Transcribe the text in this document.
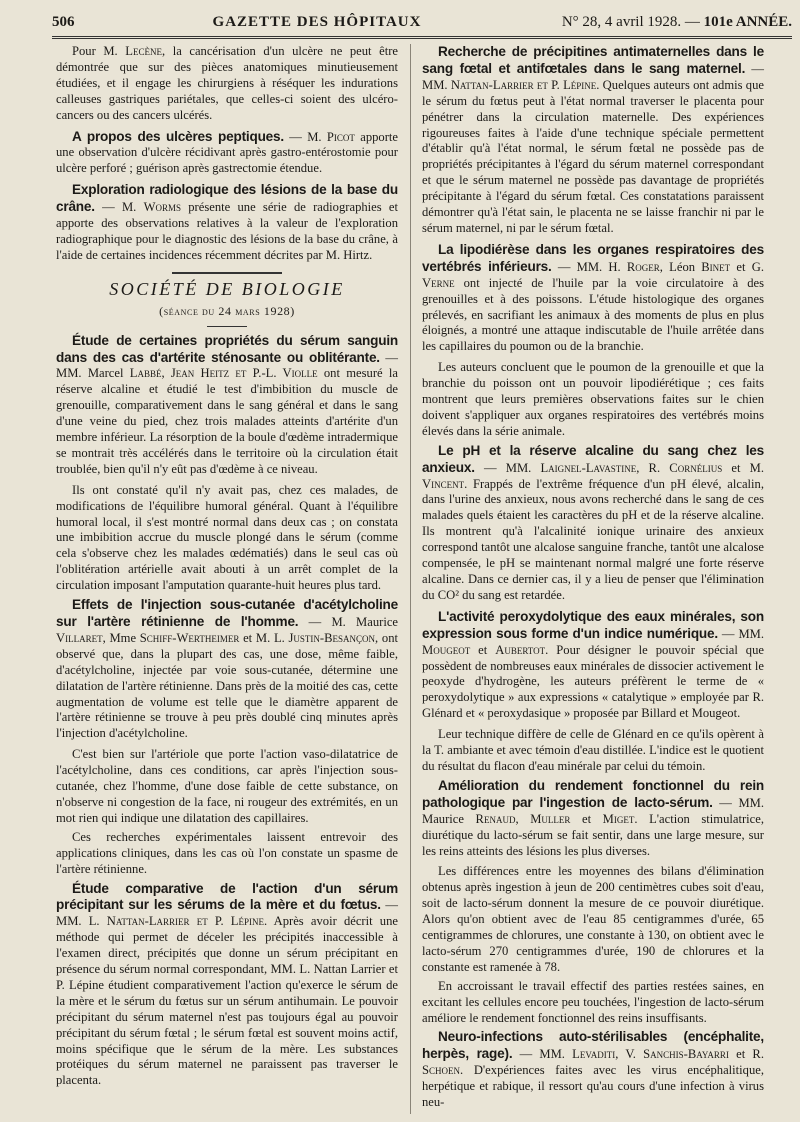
506	GAZETTE DES HÔPITAUX	N° 28, 4 avril 1928. — 101e ANNÉE.

Pour M. Lecène, la cancérisation d'un ulcère ne peut être démontrée que sur des pièces anatomiques minutieusement étudiées, et il engage les chirurgiens à réséquer les indurations calleuses gastriques pariétales, que celles-ci soient des ulcéro-cancers ou des cancers ulcérés.

A propos des ulcères peptiques. — M. Picot apporte une observation d'ulcère récidivant après gastro-entérostomie pour ulcère perforé ; guérison après gastrectomie étendue.

Exploration radiologique des lésions de la base du crâne. — M. Worms présente une série de radiographies et apporte des observations relatives à la valeur de l'exploration radiographique pour le diagnostic des lésions de la base du crâne, à l'aide de certaines incidences récemment décrites par M. Hirtz.

SOCIÉTÉ DE BIOLOGIE
(séance du 24 mars 1928)

Étude de certaines propriétés du sérum sanguin dans des cas d'artérite sténosante ou oblitérante. — MM. Marcel Labbé, Jean Heitz et P.-L. Violle ont mesuré la réserve alcaline et étudié le test d'imbibition du muscle de grenouille, comparativement dans le sang général et dans le sang d'une veine du pied, chez trois malades atteints d'artérite d'un membre inférieur. La résorption de la boule d'œdème intradermique se montrait très accélérés dans le territoire où la circulation était troublée, bien qu'il n'y eût pas d'œdème à ce niveau.

Ils ont constaté qu'il n'y avait pas, chez ces malades, de modifications de l'équilibre humoral général. Quant à l'équilibre humoral local, il s'est montré normal dans deux cas ; on constata une imbibition accrue du muscle plongé dans le sérum (comme cela s'observe chez les malades œdématiés) dans le seul cas où l'oblitération artérielle avait abouti à un arrêt complet de la circulation imposant l'amputation quarante-huit heures plus tard.

Effets de l'injection sous-cutanée d'acétylcholine sur l'artère rétinienne de l'homme. — M. Maurice Villaret, Mme Schiff-Wertheimer et M. L. Justin-Besançon, ont observé que, dans la plupart des cas, une dose, même faible, d'acétylcholine, injectée par voie sous-cutanée, détermine une dilatation de l'artère rétinienne. Dans près de la moitié des cas, cette augmentation de volume est telle que le diamètre apparent de l'artère rétinienne se trouve à peu près doublé cinq minutes après l'injection d'acétylcholine.

C'est bien sur l'artériole que porte l'action vaso-dilatatrice de l'acétylcholine, dans ces conditions, car après l'injection sous-cutanée, chez l'homme, d'une dose faible de cette substance, on n'observe ni congestion de la face, ni rougeur des extrémités, en un mot rien qui indique une dilatation des capillaires.

Ces recherches expérimentales laissent entrevoir des applications cliniques, dans les cas où l'on constate un spasme de l'artère rétinienne.

Étude comparative de l'action d'un sérum précipitant sur les sérums de la mère et du fœtus. — MM. L. Nattan-Larrier et P. Lépine. Après avoir décrit une méthode qui permet de déceler les précipités inaccessible à l'examen direct, précipités que donne un sérum précipitant en présence du sérum normal correspondant, MM. L. Nattan Larrier et P. Lépine étudient comparativement l'action qu'exerce le sérum de la mère et le sérum du fœtus sur un sérum antihumain. Le pouvoir précipitant du sérum maternel n'est pas toujours égal au pouvoir précipitant du sérum fœtal ; le sérum fœtal est souvent moins actif, moins spécifique que le sérum de la mère. Les substances protéiques du sérum maternel ne paraissent pas traverser le placenta.

Recherche de précipitines antimaternelles dans le sang fœtal et antifœtales dans le sang maternel. — MM. Nattan-Larrier et P. Lépine. Quelques auteurs ont admis que le sérum du fœtus peut à l'état normal traverser le placenta pour pénétrer dans la circulation maternelle. Des expériences rigoureuses faites à l'aide d'une technique spéciale permettent d'établir qu'à l'état normal, le sérum fœtal ne possède pas de propriétés précipitantes à l'égard du sérum maternel correspondant et que le sérum maternel ne possède pas davantage de propriétés précipitante à l'égard du sérum fœtal. Ces constatations paraissent démontrer qu'à l'état sain, le placenta ne se laisse franchir ni par le sérum maternel, ni par le sérum fœtal.

La lipodiérèse dans les organes respiratoires des vertébrés inférieurs. — MM. H. Roger, Léon Binet et G. Verne ont injecté de l'huile par la voie circulatoire à des grenouilles et à des poissons. L'étude histologique des organes prélevés, en sacrifiant les animaux à des moments de plus en plus éloignés, a montré une attaque indiscutable de l'huile arrêtée dans les capillaires du poumon ou de la branchie.

Les auteurs concluent que le poumon de la grenouille et que la branchie du poisson ont un pouvoir lipodiérétique ; ces faits montrent que leurs premières observations faites sur le chien doivent s'appliquer aux organes respiratoires des vertébrés moins élevés dans la série animale.

Le pH et la réserve alcaline du sang chez les anxieux. — MM. Laignel-Lavastine, R. Cornélius et M. Vincent. Frappés de l'extrême fréquence d'un pH élevé, alcalin, dans l'urine des anxieux, nous avons recherché dans le sang de ces malades quels étaient les caractères du pH et de la réserve alcaline. Ils montrent qu'à l'alcalinité ionique urinaire des anxieux correspond tantôt une alcalose sanguine franche, tantôt une alcalose compensée, le pH se maintenant normal malgré une forte réserve alcaline. Dans ce dernier cas, il y a lieu de penser que l'élimination du CO² du sang est retardée.

L'activité peroxydolytique des eaux minérales, son expression sous forme d'un indice numérique. — MM. Mougeot et Aubertot. Pour désigner le pouvoir spécial que possèdent de nombreuses eaux minérales de dissocier activement le peoxyde d'hydrogène, les auteurs préfèrent le terme de « peroxydolytique » aux expressions « catalytique » employée par R. Glénard et « peroxydasique » proposée par Billard et Mougeot.

Leur technique diffère de celle de Glénard en ce qu'ils opèrent à la T. ambiante et avec témoin d'eau distillée. L'indice est le quotient du résultat du flacon d'eau minérale par celui du témoin.

Amélioration du rendement fonctionnel du rein pathologique par l'ingestion de lacto-sérum. — MM. Maurice Renaud, Muller et Miget. L'action stimulatrice, diurétique du lacto-sérum se fait sentir, dans une large mesure, sur les reins atteints des lésions les plus diverses.

Les différences entre les moyennes des bilans d'élimination obtenus après ingestion à jeun de 200 centimètres cubes soit d'eau, soit de lacto-sérum donnent la mesure de ce pouvoir diurétique. Alors qu'on obtient avec de l'eau 85 centigrammes d'urée, 65 centigrammes de chlorures, une constante à 130, on obtient avec le lacto-sérum 270 centigrammes d'urée, 190 de chlorures et la constante est ramenée à 78.

En accroissant le travail effectif des parties restées saines, en excitant les cellules encore peu touchées, l'ingestion de lacto-sérum améliore le rendement fonctionnel des reins insuffisants.

Neuro-infections auto-stérilisables (encéphalite, herpès, rage). — MM. Levaditi, V. Sanchis-Bayarri et R. Schoen. D'expériences faites avec les virus encéphalitique, herpétique et rabique, il ressort qu'au cours d'une infection à virus neu-
